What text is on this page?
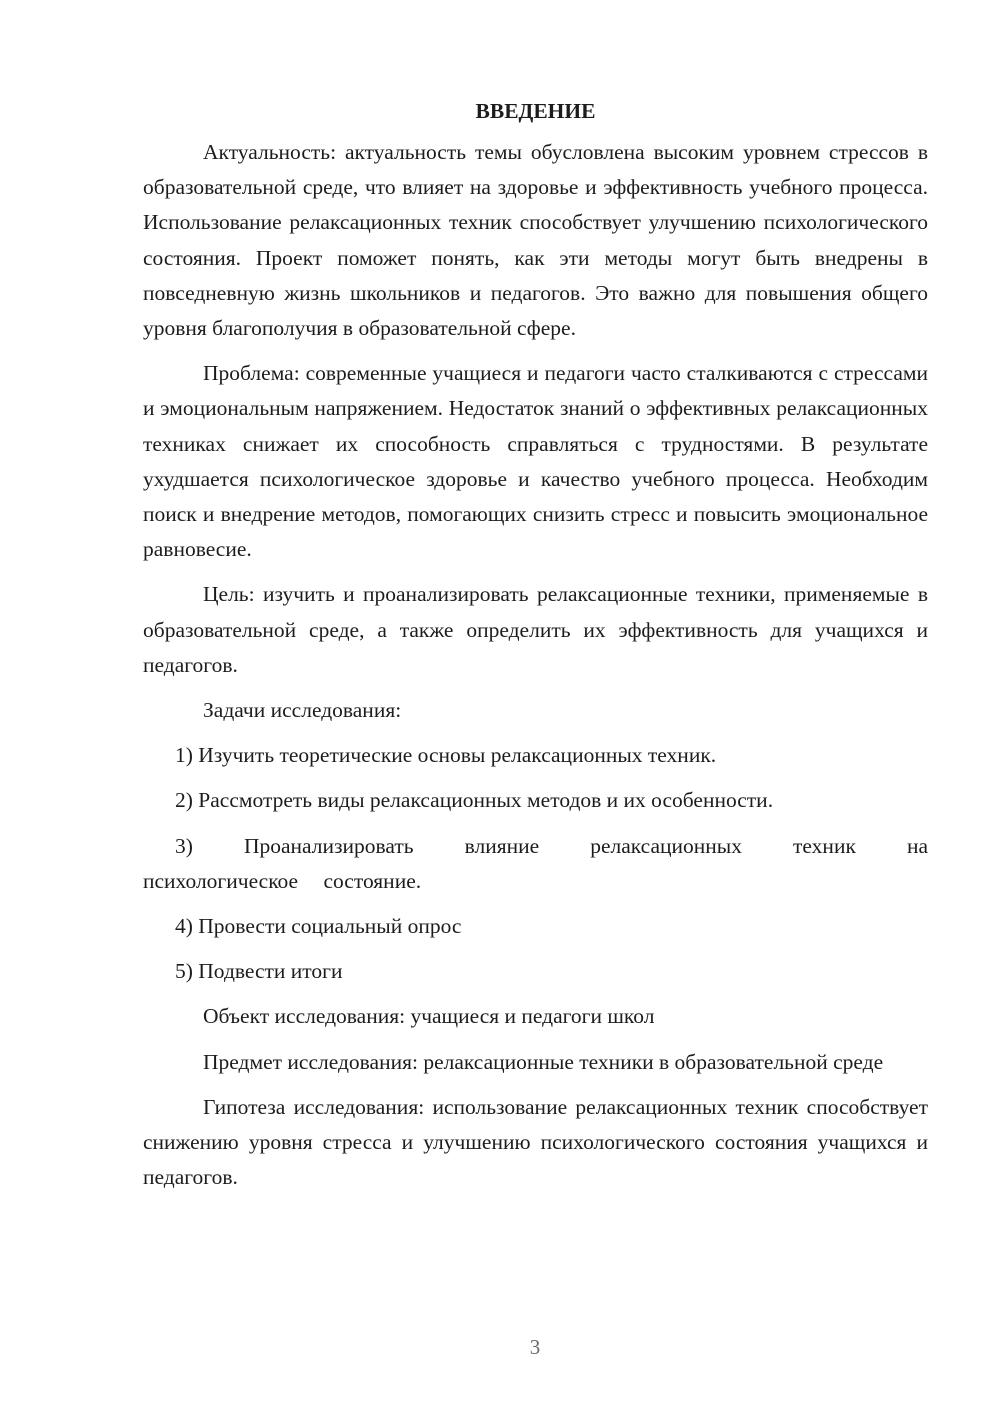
ВВЕДЕНИЕ

Актуальность: актуальность темы обусловлена высоким уровнем стрессов в образовательной среде, что влияет на здоровье и эффективность учебного процесса. Использование релаксационных техник способствует улучшению психологического состояния. Проект поможет понять, как эти методы могут быть внедрены в повседневную жизнь школьников и педагогов. Это важно для повышения общего уровня благополучия в образовательной сфере.

Проблема: современные учащиеся и педагоги часто сталкиваются с стрессами и эмоциональным напряжением. Недостаток знаний о эффективных релаксационных техниках снижает их способность справляться с трудностями. В результате ухудшается психологическое здоровье и качество учебного процесса. Необходим поиск и внедрение методов, помогающих снизить стресс и повысить эмоциональное равновесие.

Цель: изучить и проанализировать релаксационные техники, применяемые в образовательной среде, а также определить их эффективность для учащихся и педагогов.

Задачи исследования:

1) Изучить теоретические основы релаксационных техник.

2) Рассмотреть виды релаксационных методов и их особенности.

3) Проанализировать влияние релаксационных техник на психологическое состояние.

4) Провести социальный опрос

5) Подвести итоги

Объект исследования: учащиеся и педагоги школ

Предмет исследования: релаксационные техники в образовательной среде

Гипотеза исследования: использование релаксационных техник способствует снижению уровня стресса и улучшению психологического состояния учащихся и педагогов.

3
